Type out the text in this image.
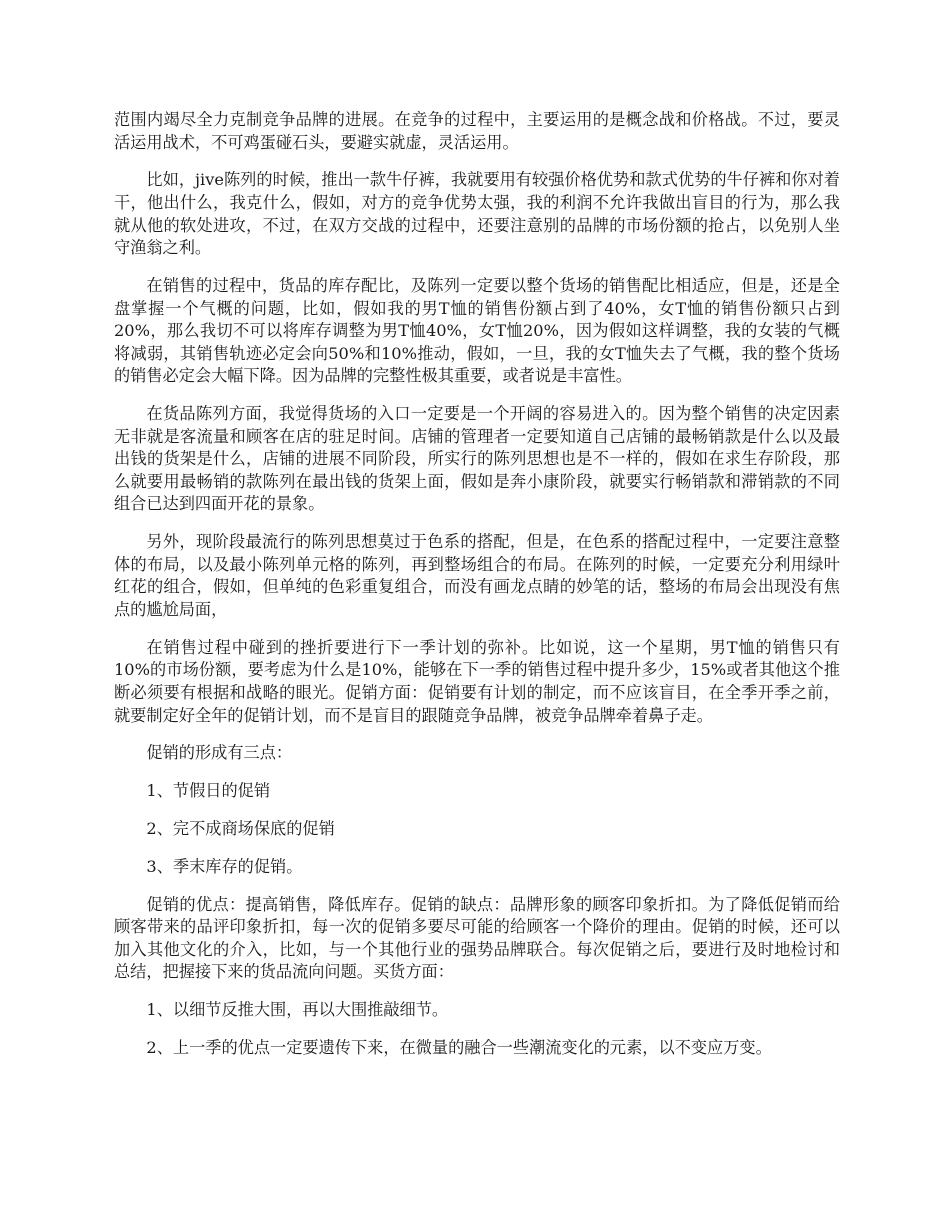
范围内竭尽全力克制竞争品牌的进展。在竞争的过程中，主要运用的是概念战和价格战。不过，要灵活运用战术，不可鸡蛋碰石头，要避实就虚，灵活运用。

比如，jive陈列的时候，推出一款牛仔裤，我就要用有较强价格优势和款式优势的牛仔裤和你对着干，他出什么，我克什么，假如，对方的竞争优势太强，我的利润不允许我做出盲目的行为，那么我就从他的软处进攻，不过，在双方交战的过程中，还要注意别的品牌的市场份额的抢占，以免别人坐守渔翁之利。

在销售的过程中，货品的库存配比，及陈列一定要以整个货场的销售配比相适应，但是，还是全盘掌握一个气概的问题，比如，假如我的男T恤的销售份额占到了40%，女T恤的销售份额只占到20%，那么我切不可以将库存调整为男T恤40%，女T恤20%，因为假如这样调整，我的女装的气概将减弱，其销售轨迹必定会向50%和10%推动，假如，一旦，我的女T恤失去了气概，我的整个货场的销售必定会大幅下降。因为品牌的完整性极其重要，或者说是丰富性。

在货品陈列方面，我觉得货场的入口一定要是一个开阔的容易进入的。因为整个销售的决定因素无非就是客流量和顾客在店的驻足时间。店铺的管理者一定要知道自己店铺的最畅销款是什么以及最出钱的货架是什么，店铺的进展不同阶段，所实行的陈列思想也是不一样的，假如在求生存阶段，那么就要用最畅销的款陈列在最出钱的货架上面，假如是奔小康阶段，就要实行畅销款和滞销款的不同组合已达到四面开花的景象。

另外，现阶段最流行的陈列思想莫过于色系的搭配，但是，在色系的搭配过程中，一定要注意整体的布局，以及最小陈列单元格的陈列，再到整场组合的布局。在陈列的时候，一定要充分利用绿叶红花的组合，假如，但单纯的色彩重复组合，而没有画龙点睛的妙笔的话，整场的布局会出现没有焦点的尴尬局面，

在销售过程中碰到的挫折要进行下一季计划的弥补。比如说，这一个星期，男T恤的销售只有10%的市场份额，要考虑为什么是10%，能够在下一季的销售过程中提升多少，15%或者其他这个推断必须要有根据和战略的眼光。促销方面：促销要有计划的制定，而不应该盲目，在全季开季之前，就要制定好全年的促销计划，而不是盲目的跟随竞争品牌，被竞争品牌牵着鼻子走。

促销的形成有三点：

1、节假日的促销

2、完不成商场保底的促销

3、季末库存的促销。

促销的优点：提高销售，降低库存。促销的缺点：品牌形象的顾客印象折扣。为了降低促销而给顾客带来的品评印象折扣，每一次的促销多要尽可能的给顾客一个降价的理由。促销的时候，还可以加入其他文化的介入，比如，与一个其他行业的强势品牌联合。每次促销之后，要进行及时地检讨和总结，把握接下来的货品流向问题。买货方面：

1、以细节反推大围，再以大围推敲细节。

2、上一季的优点一定要遗传下来，在微量的融合一些潮流变化的元素，以不变应万变。
